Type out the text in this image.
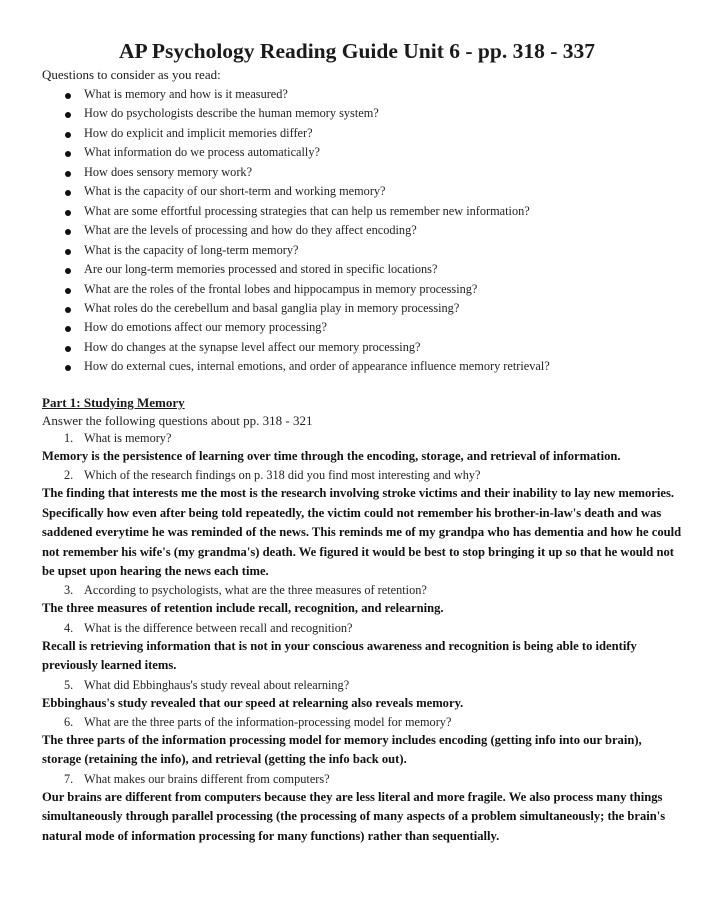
AP Psychology Reading Guide Unit 6 - pp. 318 - 337
Questions to consider as you read:
What is memory and how is it measured?
How do psychologists describe the human memory system?
How do explicit and implicit memories differ?
What information do we process automatically?
How does sensory memory work?
What is the capacity of our short-term and working memory?
What are some effortful processing strategies that can help us remember new information?
What are the levels of processing and how do they affect encoding?
What is the capacity of long-term memory?
Are our long-term memories processed and stored in specific locations?
What are the roles of the frontal lobes and hippocampus in memory processing?
What roles do the cerebellum and basal ganglia play in memory processing?
How do emotions affect our memory processing?
How do changes at the synapse level affect our memory processing?
How do external cues, internal emotions, and order of appearance influence memory retrieval?
Part 1: Studying Memory
Answer the following questions about pp. 318 - 321
1. What is memory?
Memory is the persistence of learning over time through the encoding, storage, and retrieval of information.
2. Which of the research findings on p. 318 did you find most interesting and why?
The finding that interests me the most is the research involving stroke victims and their inability to lay new memories. Specifically how even after being told repeatedly, the victim could not remember his brother-in-law's death and was saddened everytime he was reminded of the news. This reminds me of my grandpa who has dementia and how he could not remember his wife's (my grandma's) death. We figured it would be best to stop bringing it up so that he would not be upset upon hearing the news each time.
3. According to psychologists, what are the three measures of retention?
The three measures of retention include recall, recognition, and relearning.
4. What is the difference between recall and recognition?
Recall is retrieving information that is not in your conscious awareness and recognition is being able to identify previously learned items.
5. What did Ebbinghaus's study reveal about relearning?
Ebbinghaus's study revealed that our speed at relearning also reveals memory.
6. What are the three parts of the information-processing model for memory?
The three parts of the information processing model for memory includes encoding (getting info into our brain), storage (retaining the info), and retrieval (getting the info back out).
7. What makes our brains different from computers?
Our brains are different from computers because they are less literal and more fragile. We also process many things simultaneously through parallel processing (the processing of many aspects of a problem simultaneously; the brain's natural mode of information processing for many functions) rather than sequentially.
